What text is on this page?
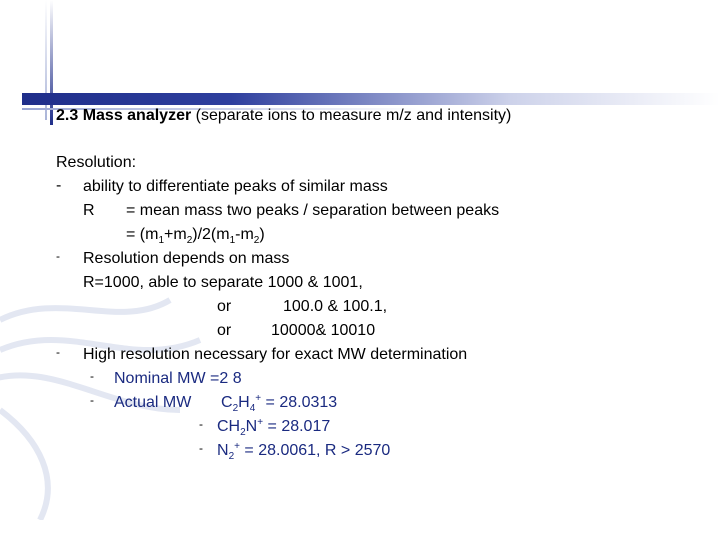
2.3 Mass analyzer (separate ions to measure m/z and intensity)
Resolution:
- ability to differentiate peaks of similar mass
R = mean mass two peaks / separation between peaks
= $(m_1+m_2)/2(m_1-m_2)$
- Resolution depends on mass
R=1000, able to separate 1000 & 1001,
or	100.0 & 100.1,
or 10000& 10010
- High resolution necessary for exact MW determination
- Nominal MW =2 8
- Actual MW $C_2H_4^+ = 28.0313$
- $CH_2N^+ = 28.017$
- $N_2^+ = 28.0061$, R > 2570
